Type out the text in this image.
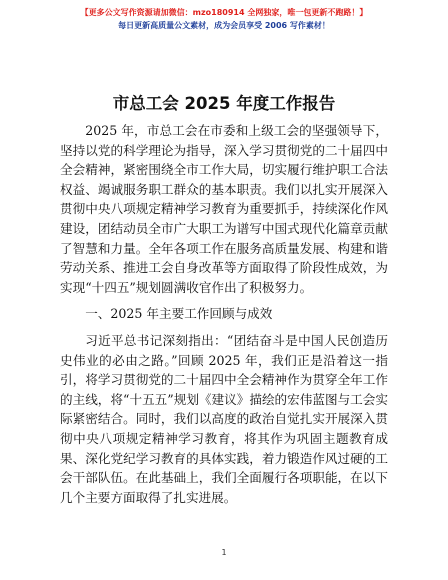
【更多公文写作资源请加微信：mzo180914 全网独家，唯一包更新不跑路！】
每日更新高质量公文素材，成为会员享受 2006 写作素材！
市总工会 2025 年度工作报告

2025 年，市总工会在市委和上级工会的坚强领导下，坚持以党的科学理论为指导，深入学习贯彻党的二十届四中全会精神，紧密围绕全市工作大局，切实履行维护职工合法权益、竭诚服务职工群众的基本职责。我们以扎实开展深入贯彻中央八项规定精神学习教育为重要抓手，持续深化作风建设，团结动员全市广大职工为谱写中国式现代化篇章贡献了智慧和力量。全年各项工作在服务高质量发展、构建和谐劳动关系、推进工会自身改革等方面取得了阶段性成效，为实现“十四五”规划圆满收官作出了积极努力。

一、2025 年主要工作回顾与成效

习近平总书记深刻指出：“团结奋斗是中国人民创造历史伟业的必由之路。”回顾 2025 年，我们正是沿着这一指引，将学习贯彻党的二十届四中全会精神作为贯穿全年工作的主线，将“十五五”规划《建议》描绘的宏伟蓝图与工会实际紧密结合。同时，我们以高度的政治自觉扎实开展深入贯彻中央八项规定精神学习教育，将其作为巩固主题教育成果、深化党纪学习教育的具体实践，着力锻造作风过硬的工会干部队伍。在此基础上，我们全面履行各项职能，在以下几个主要方面取得了扎实进展。

1
